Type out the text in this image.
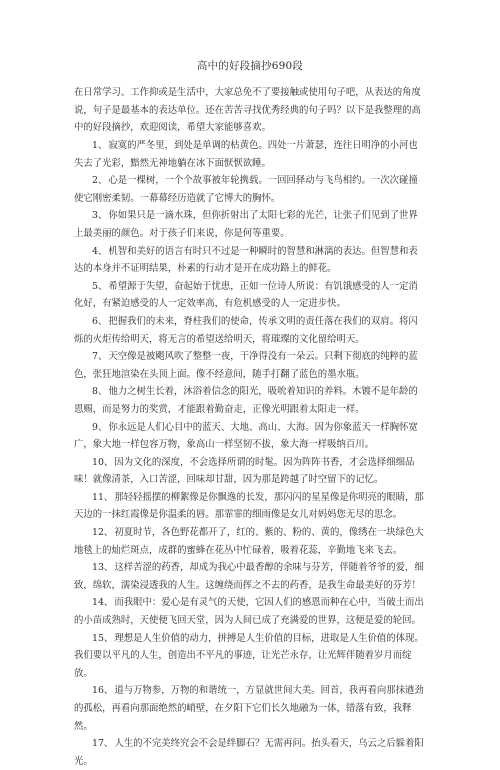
高中的好段摘抄690段
在日常学习、工作抑或是生活中，大家总免不了要接触或使用句子吧，从表达的角度说，句子是最基本的表达单位。还在苦苦寻找优秀经典的句子吗？以下是我整理的高中的好段摘抄，欢迎阅读，希望大家能够喜欢。

1、寂寞的严冬里，到处是单调的枯黄色。四处一片萧瑟，连往日明净的小河也失去了光彩，黯然无神地躺在冰下面恹恹欲睡。

2、心是一棵树，一个个故事被年轮携载。一回回驿动与飞鸟相约。一次次碰撞使它刚密柔韧。一幕幕经历造就了它博大的胸怀。

3、你如果只是一滴水珠，但你折射出了太阳七彩的光芒，让张子们见到了世界上最美丽的颜色。对于孩子们来说，你是何等重要。

4、机智和美好的语言有时只不过是一种瞬时的智慧和淋漓的表达。但智慧和表达的本身并不证明结果，朴素的行动才是开在成功路上的鲜花。

5、希望源于失望，奋起始于忧患，正如一位诗人所说：有饥饿感受的人一定消化好，有紧迫感受的人一定效率高，有危机感受的人一定进步快。

6、把握我们的未来，脊柱我们的使命，传承文明的责任落在我们的双肩。将闪烁的火炬传给明天，将无言的希望送给明天，将璀璨的文化留给明天。

7、天空像是被飓风吹了整整一夜，干净得没有一朵云。只剩下彻底的纯粹的蓝色，张狂地渲染在头顶上面。像不经意间，随手打翻了蓝色的墨水瓶。

8、他力之树生长着，沐浴着信念的阳光，吸吮着知识的养料。木镀不是年龄的恩赐，而是努力的奖赏，才能跟着勤奋走，正像光明跟着太阳走一样。

9、你永远是人们心目中的蓝天、大地、高山、大海。因为你象蓝天一样胸怀宽广，象大地一样包容万物，象高山一样坚韧不拔，象大海一样吸纳百川。

10、因为文化的深度，不会选择所谓的时髦。因为阵阵书香，才会选择细细品味！就像清茶，入口苦涩，回味却甘甜，因为那是跨越了时空留下的记忆。

11、那轻轻摇摆的柳絮像是你飘逸的长发，那闪闪的星星像是你明亮的眼睛，那天边的一抹红霞像是你温柔的唇。那霏霏的细雨像是女儿对妈妈您无尽的思念。

12、初夏时节，各色野花都开了，红的、紫的、粉的、黄的，像绣在一块绿色大地毯上的灿烂斑点，成群的蜜蜂在花丛中忙碌着，吸着花蕊，辛勤地飞来飞去。

13、这样苦涩的药香，却成为我心中最香醇的余味与芬芳，伴随着爷爷的爱，细致，绵软，濡染浸透我的人生。这缠绕而挥之不去的药香，是我生命最美好的芬芳！

14、而我眼中：爱心是有灵气的天使，它因人们的感恩而种在心中，当破土而出的小苗成熟时，天使便飞回天堂，因为人间已成了充满爱的世界，这便是爱的轮回。

15、理想是人生价值的动力，拼搏是人生价值的目标，进取是人生价值的体现。我们要以平凡的人生，创造出不平凡的事迹，让光芒永存，让光辉伴随着岁月而绽放。

16、道与万物参，万物的和谐统一，方显就世间大美。回首，我再看向那抹遒劲的孤松，再看向那面绝然的峭壁，在夕阳下它们长久地融为一体，错落有致，我释然。

17、人生的不完美终究会不会是绊脚石？无需再问。抬头看天，乌云之后躲着阳光。
